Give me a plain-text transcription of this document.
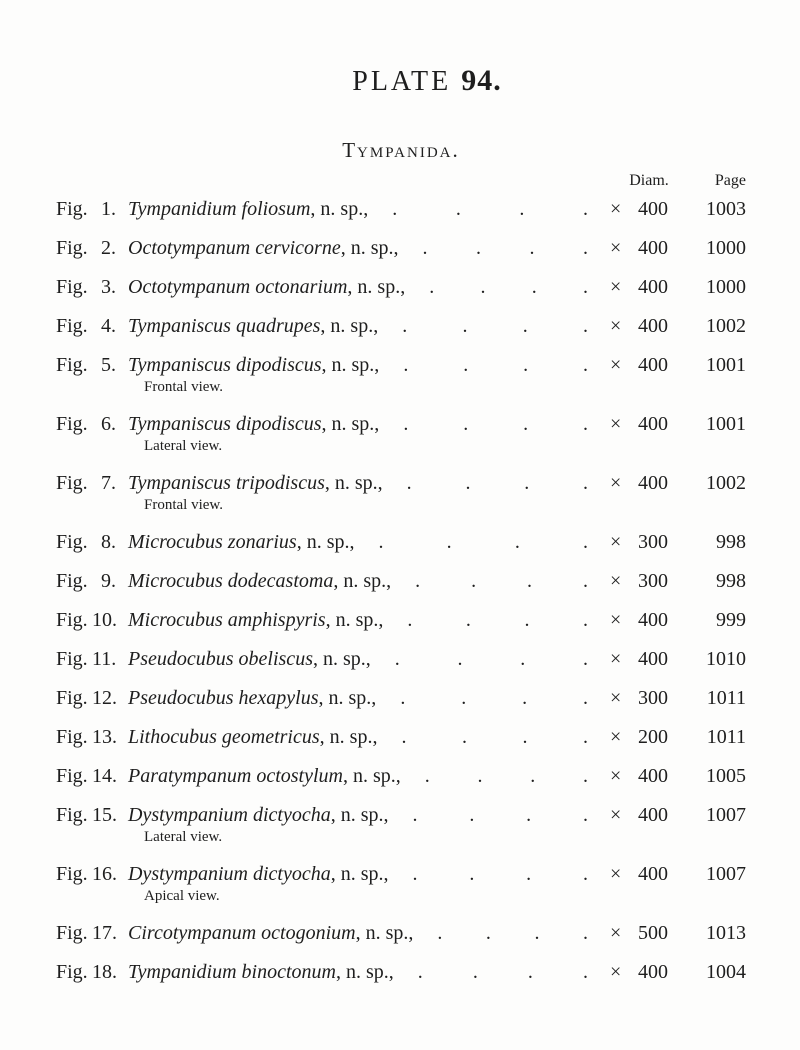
PLATE 94.
Tympanida.
Diam.	Page
Fig. 1. Tympanidium foliosum, n. sp., .	.	.	. × 400	1003
Fig. 2. Octotympanum cervicorne, n. sp., . . . . × 400	1000
Fig. 3. Octotympanum octonarium, n. sp., . . . . × 400	1000
Fig. 4. Tympaniscus quadrupes, n. sp., .	.	.	. × 400	1002
Fig. 5. Tympaniscus dipodiscus, n. sp., .	.	.	. × 400	1001
Frontal view.
Fig. 6. Tympaniscus dipodiscus, n. sp., .	.	.	. × 400	1001
Lateral view.
Fig. 7. Tympaniscus tripodiscus, n. sp., .	.	.	. × 400	1002
Frontal view.
Fig. 8. Microcubus zonarius, n. sp., .	.	.	. × 300	998
Fig. 9. Microcubus dodecastoma, n. sp., .	.	.	. × 300	998
Fig. 10. Microcubus amphispyris, n. sp., .	.	.	. × 400	999
Fig. 11. Pseudocubus obeliscus, n. sp., .	.	.	. × 400	1010
Fig. 12. Pseudocubus hexapylus, n. sp., .	.	.	. × 300	1011
Fig. 13. Lithocubus geometricus, n. sp., .	.	.	. × 200	1011
Fig. 14. Paratympanum octostylum, n. sp., . . . . × 400	1005
Fig. 15. Dystympanium dictyocha, n. sp., .	.	.	. × 400	1007
Lateral view.
Fig. 16. Dystympanium dictyocha, n. sp., .	.	.	. × 400	1007
Apical view.
Fig. 17. Circotympanum octogonium, n. sp., . . . . × 500	1013
Fig. 18. Tympanidium binoctonum, n. sp., .	.	.	. × 400	1004
